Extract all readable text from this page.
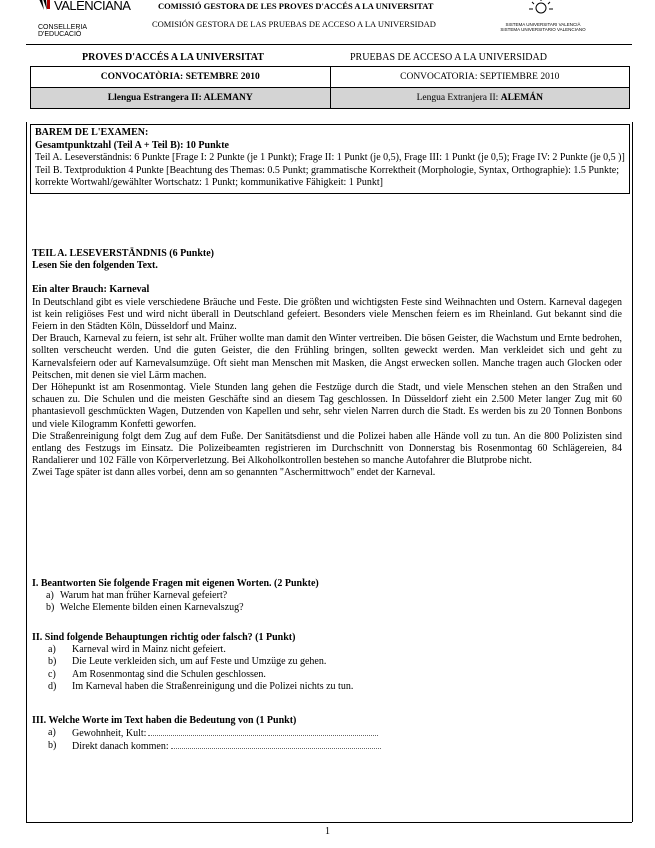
VALENCIANA
CONSELLERIA D'EDUCACIÓ
COMISSIÓ GESTORA DE LES PROVES D'ACCÉS A LA UNIVERSITAT
COMISIÓN GESTORA DE LAS PRUEBAS DE ACCESO A LA UNIVERSIDAD	SISTEMA UNIVERSITARI VALENCIÀ SISTEMA UNIVERSITARIO VALENCIANO
PROVES D'ACCÉS A LA UNIVERSITAT	PRUEBAS DE ACCESO A LA UNIVERSIDAD
CONVOCATÒRIA: SETEMBRE 2010	CONVOCATORIA: SEPTIEMBRE 2010
Llengua Estrangera II: ALEMANY	Lengua Extranjera II: ALEMÁN
BAREM DE L'EXAMEN:
Gesamtpunktzahl (Teil A + Teil B): 10 Punkte
Teil A. Leseverständnis: 6 Punkte [Frage I: 2 Punkte (je 1 Punkt); Frage II: 1 Punkt (je 0,5), Frage III: 1 Punkt (je 0,5); Frage IV: 2 Punkte (je 0,5 )]
Teil B. Textproduktion 4 Punkte [Beachtung des Themas: 0.5 Punkt; grammatische Korrektheit (Morphologie, Syntax, Orthographie): 1.5 Punkte; korrekte Wortwahl/gewählter Wortschatz: 1 Punkt; kommunikative Fähigkeit: 1 Punkt]
TEIL A. LESEVERSTÄNDNIS (6 Punkte)
Lesen Sie den folgenden Text.
Ein alter Brauch: Karneval

In Deutschland gibt es viele verschiedene Bräuche und Feste. Die größten und wichtigsten Feste sind Weihnachten und Ostern. Karneval dagegen ist kein religiöses Fest und wird nicht überall in Deutschland gefeiert. Besonders viele Menschen feiern es im Rheinland. Gut bekannt sind die Feiern in den Städten Köln, Düsseldorf und Mainz.

Der Brauch, Karneval zu feiern, ist sehr alt. Früher wollte man damit den Winter vertreiben. Die bösen Geister, die Wachstum und Ernte bedrohen, sollten verscheucht werden. Und die guten Geister, die den Frühling bringen, sollten geweckt werden. Man verkleidet sich und geht zu Karnevalsfeiern oder auf Karnevalsumzüge. Oft sieht man Menschen mit Masken, die Angst erwecken sollen. Manche tragen auch Glocken oder Peitschen, mit denen sie viel Lärm machen.

Der Höhepunkt ist am Rosenmontag. Viele Stunden lang gehen die Festzüge durch die Stadt, und viele Menschen stehen an den Straßen und schauen zu. Die Schulen und die meisten Geschäfte sind an diesem Tag geschlossen. In Düsseldorf zieht ein 2.500 Meter langer Zug mit 60 phantasievoll geschmückten Wagen, Dutzenden von Kapellen und sehr, sehr vielen Narren durch die Stadt. Es werden bis zu 20 Tonnen Bonbons und viele Kilogramm Konfetti geworfen.

Die Straßenreinigung folgt dem Zug auf dem Fuße. Der Sanitätsdienst und die Polizei haben alle Hände voll zu tun. An die 800 Polizisten sind entlang des Festzugs im Einsatz. Die Polizeibeamten registrieren im Durchschnitt von Donnerstag bis Rosenmontag 60 Schlägereien, 84 Randalierer und 102 Fälle von Körperverletzung. Bei Alkoholkontrollen bestehen so manche Autofahrer die Blutprobe nicht.

Zwei Tage später ist dann alles vorbei, denn am so genannten "Aschermittwoch" endet der Karneval.

I. Beantworten Sie folgende Fragen mit eigenen Worten. (2 Punkte)
a) Warum hat man früher Karneval gefeiert?
b) Welche Elemente bilden einen Karnevalszug?
II. Sind folgende Behauptungen richtig oder falsch? (1 Punkt)
a) Karneval wird in Mainz nicht gefeiert.
b) Die Leute verkleiden sich, um auf Feste und Umzüge zu gehen.
c) Am Rosenmontag sind die Schulen geschlossen.
d) Im Karneval haben die Straßenreinigung und die Polizei nichts zu tun.
III. Welche Worte im Text haben die Bedeutung von (1 Punkt)
a) Gewohnheit, Kult:
b) Direkt danach kommen:
1
